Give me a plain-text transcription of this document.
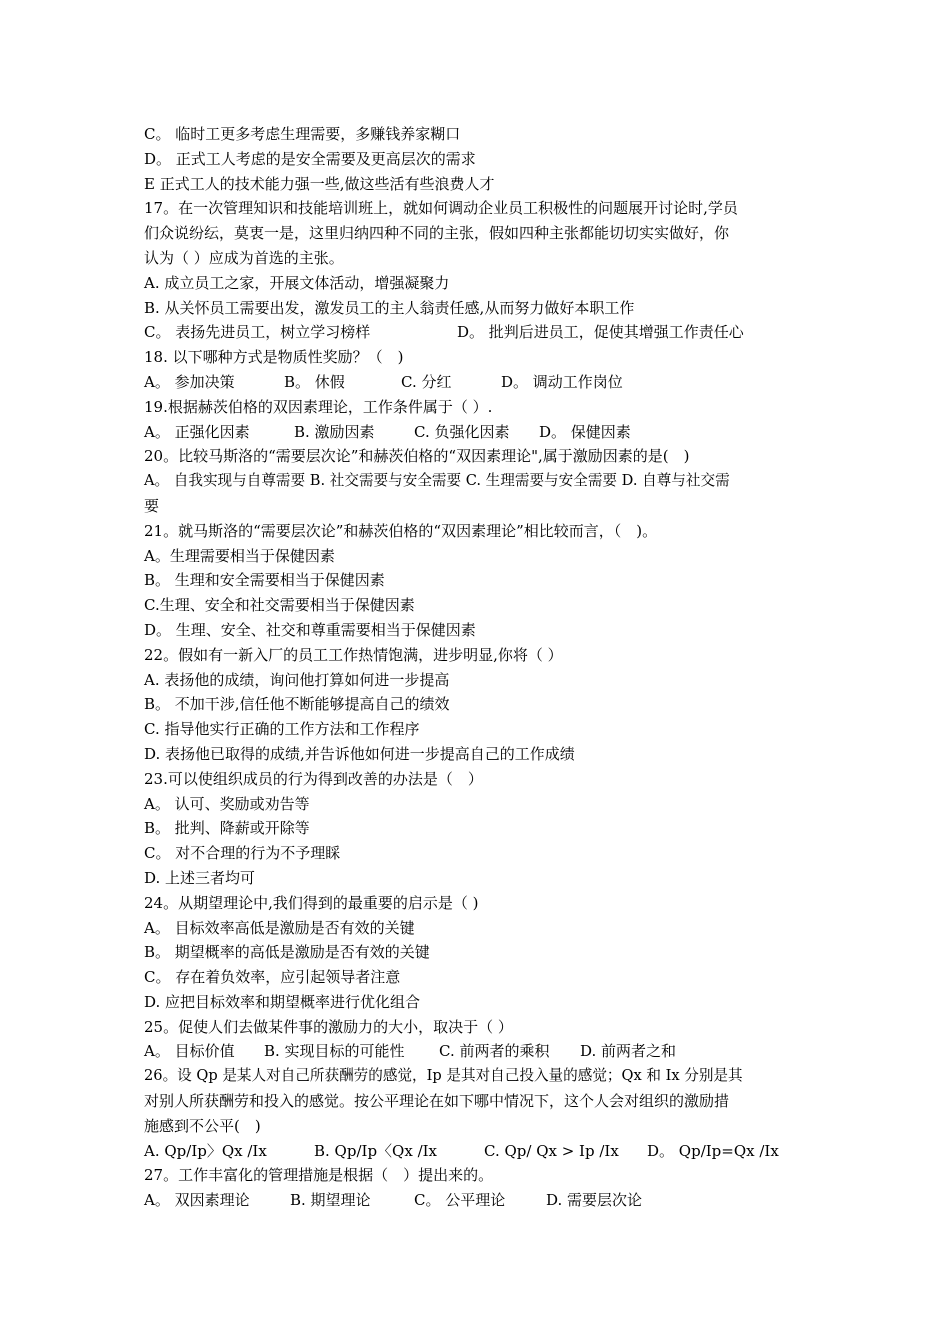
C。 临时工更多考虑生理需要，多赚钱养家糊口
D。 正式工人考虑的是安全需要及更高层次的需求
E 正式工人的技术能力强一些,做这些活有些浪费人才
17。在一次管理知识和技能培训班上，就如何调动企业员工积极性的问题展开讨论时,学员
们众说纷纭，莫衷一是，这里归纳四种不同的主张，假如四种主张都能切切实实做好，你
认为（ ）应成为首选的主张。
A. 成立员工之家，开展文体活动，增强凝聚力
B. 从关怀员工需要出发，激发员工的主人翁责任感,从而努力做好本职工作
C。 表扬先进员工，树立学习榜样	D。 批判后进员工，促使其增强工作责任心
18. 以下哪种方式是物质性奖励？（　)
A。 参加决策	B。 休假	C. 分红	D。 调动工作岗位
19.根据赫茨伯格的双因素理论，工作条件属于（ ）.
A。 正强化因素	B. 激励因素	C. 负强化因素 D。 保健因素
20。比较马斯洛的“需要层次论”和赫茨伯格的“双因素理论",属于激励因素的是(　)
A。 自我实现与自尊需要 B. 社交需要与安全需要 C. 生理需要与安全需要 D. 自尊与社交需
要
21。就马斯洛的“需要层次论”和赫茨伯格的“双因素理论”相比较而言，（　)。
A。生理需要相当于保健因素
B。 生理和安全需要相当于保健因素
C.生理、安全和社交需要相当于保健因素
D。 生理、安全、社交和尊重需要相当于保健因素
22。假如有一新入厂的员工工作热情饱满，进步明显,你将（ ）
A. 表扬他的成绩，询问他打算如何进一步提高
B。 不加干涉,信任他不断能够提高自己的绩效
C. 指导他实行正确的工作方法和工作程序
D. 表扬他已取得的成绩,并告诉他如何进一步提高自己的工作成绩
23.可以使组织成员的行为得到改善的办法是（　）
A。 认可、奖励或劝告等
B。 批判、降薪或开除等
C。 对不合理的行为不予理睬
D. 上述三者均可
24。从期望理论中,我们得到的最重要的启示是（ )
A。 目标效率高低是激励是否有效的关键
B。 期望概率的高低是激励是否有效的关键
C。 存在着负效率，应引起领导者注意
D. 应把目标效率和期望概率进行优化组合
25。促使人们去做某件事的激励力的大小，取决于（ ）
A。 目标价值 B. 实现目标的可能性 C. 前两者的乘积 D. 前两者之和
26。设 Qp 是某人对自己所获酬劳的感觉，Ip 是其对自己投入量的感觉；Qx 和 Ix 分别是其
对别人所获酬劳和投入的感觉。按公平理论在如下哪中情况下，这个人会对组织的激励措
施感到不公平(　)
A. Qp/Ip〉Qx /Ix	B. Qp/Ip〈Qx /Ix	C. Qp/ Qx > Ip /Ix D。 Qp/Ip=Qx /Ix
27。工作丰富化的管理措施是根据（　）提出来的。
A。 双因素理论	B. 期望理论	C。 公平理论	D. 需要层次论
